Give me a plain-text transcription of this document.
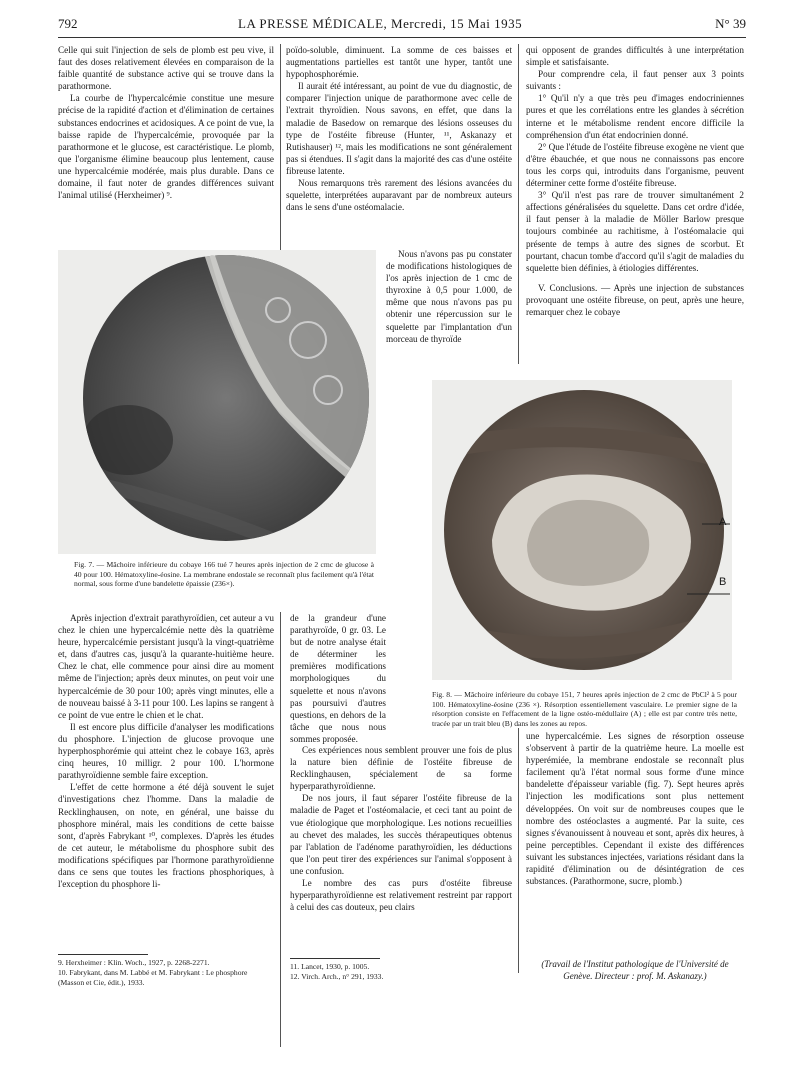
792	LA PRESSE MÉDICALE, Mercredi, 15 Mai 1935	N° 39

Celle qui suit l'injection de sels de plomb est peu vive, il faut des doses relativement élevées en comparaison de la faible quantité de substance active qui se trouve dans la parathormone.

La courbe de l'hypercalcémie constitue une mesure précise de la rapidité d'action et d'élimination de certaines substances endocrines et acidosiques. A ce point de vue, la baisse rapide de l'hypercalcémie, provoquée par la parathormone et le glucose, est caractéristique. Le plomb, que l'organisme élimine beaucoup plus lentement, cause une hypercalcémie modérée, mais plus durable. Dans ce domaine, il faut noter de grandes différences suivant l'animal utilisé (Herxheimer) ⁹.

poïdo-soluble, diminuent. La somme de ces baisses et augmentations partielles est tantôt une hyper, tantôt une hypophosphorémie.

Il aurait été intéressant, au point de vue du diagnostic, de comparer l'injection unique de parathormone avec celle de l'extrait thyroïdien. Nous savons, en effet, que dans la maladie de Basedow on remarque des lésions osseuses du type de l'ostéite fibreuse (Hunter, ¹¹, Askanazy et Rutishauser) ¹², mais les modifications ne sont généralement pas si étendues. Il s'agit dans la majorité des cas d'une ostéite fibreuse latente.

Nous remarquons très rarement des lésions avancées du squelette, interprétées auparavant par de nombreux auteurs dans le sens d'une ostéomalacie.

Nous n'avons pas pu constater de modifications histologiques de l'os après injection de 1 cmc de thyroxine à 0,5 pour 1.000, de même que nous n'avons pas pu obtenir une répercussion sur le squelette par l'implantation d'un morceau de thyroïde

qui opposent de grandes difficultés à une interprétation simple et satisfaisante.

Pour comprendre cela, il faut penser aux 3 points suivants :

1° Qu'il n'y a que très peu d'images endocriniennes pures et que les corrélations entre les glandes à sécrétion interne et le métabolisme rendent encore difficile la compréhension d'un état endocrinien donné.

2° Que l'étude de l'ostéite fibreuse exogène ne vient que d'être ébauchée, et que nous ne connaissons pas encore tous les corps qui, introduits dans l'organisme, peuvent déterminer cette forme d'ostéite fibreuse.

3° Qu'il n'est pas rare de trouver simultanément 2 affections généralisées du squelette. Dans cet ordre d'idée, il faut penser à la maladie de Möller Barlow presque toujours combinée au rachitisme, à l'ostéomalacie qui présente de temps à autre des signes de scorbut. Et pourtant, chacun tombe d'accord qu'il s'agit de maladies du squelette bien définies, à étiologies différentes.

V. Conclusions. — Après une injection de substances provoquant une ostéite fibreuse, on peut, après une heure, remarquer chez le cobaye

Fig. 7. — Mâchoire inférieure du cobaye 166 tué 7 heures après injection de 2 cmc de glucose à 40 pour 100. Hématoxyline-éosine. La membrane endostale se reconnaît plus facilement qu'à l'état normal, sous forme d'une bandelette épaissie (236×).
A
B
Fig. 8. — Mâchoire inférieure du cobaye 151, 7 heures après injection de 2 cmc de PbCl² à 5 pour 100. Hématoxyline-éosine (236 ×). Résorption essentiellement vasculaire. Le premier signe de la résorption consiste en l'effacement de la ligne ostéo-médullaire (A) ; elle est par contre très nette, tracée par un trait bleu (B) dans les zones au repos.

Après injection d'extrait parathyroïdien, cet auteur a vu chez le chien une hypercalcémie nette dès la quatrième heure, hypercalcémie persistant jusqu'à la vingt-quatrième et, dans d'autres cas, jusqu'à la quarante-huitième heure. Chez le chat, elle commence pour ainsi dire au moment même de l'injection; après deux minutes, on peut voir une hypercalcémie de 30 pour 100; après vingt minutes, elle a de nouveau baissé à 3-11 pour 100. Les lapins se rangent à ce point de vue entre le chien et le chat.

Il est encore plus difficile d'analyser les modifications du phosphore. L'injection de glucose provoque une hyperphosphorémie qui atteint chez le cobaye 163, après cinq heures, 10 milligr. 2 pour 100. L'hormone parathyroïdienne semble faire exception.

L'effet de cette hormone a été déjà souvent le sujet d'investigations chez l'homme. Dans la maladie de Recklinghausen, on note, en général, une baisse du phosphore minéral, mais les conditions de cette baisse sont, d'après Fabrykant ¹⁰, complexes. D'après les études de cet auteur, le métabolisme du phosphore subit des modifications spécifiques par l'hormone parathyroïdienne dans ce sens que toutes les fractions phosphoriques, à l'exception du phosphore li-

de la grandeur d'une parathyroïde, 0 gr. 03. Le but de notre analyse était de déterminer les premières modifications morphologiques du squelette et nous n'avons pas poursuivi d'autres questions, en dehors de la tâche que nous nous sommes proposée.

Ces expériences nous semblent prouver une fois de plus la nature bien définie de l'ostéite fibreuse de Recklinghausen, spécialement de sa forme hyperparathyroïdienne.

De nos jours, il faut séparer l'ostéite fibreuse de la maladie de Paget et l'ostéomalacie, et ceci tant au point de vue étiologique que morphologique. Les notions recueillies au chevet des malades, les succès thérapeutiques obtenus par l'ablation de l'adénome parathyroïdien, les déductions que l'on peut tirer des expériences sur l'animal s'opposent à une confusion.

Le nombre des cas purs d'ostéite fibreuse hyperparathyroïdienne est relativement restreint par rapport à celui des cas douteux, peu clairs

une hypercalcémie. Les signes de résorption osseuse s'observent à partir de la quatrième heure. La moelle est hyperémiée, la membrane endostale se reconnaît plus facilement qu'à l'état normal sous forme d'une mince bandelette d'épaisseur variable (fig. 7). Sept heures après l'injection les modifications sont plus nettement développées. On voit sur de nombreuses coupes que le nombre des ostéoclastes a augmenté. Par la suite, ces signes s'évanouissent à nouveau et sont, après dix heures, à peine perceptibles. Cependant il existe des différences suivant les substances injectées, variations résidant dans la rapidité d'élimination ou de désintégration de ces substances. (Parathormone, sucre, plomb.)

(Travail de l'Institut pathologique de l'Université de Genève. Directeur : prof. M. Askanazy.)
9. Herxheimer : Klin. Woch., 1927, p. 2268-2271.
10. Fabrykant, dans M. Labbé et M. Fabrykant : Le phosphore (Masson et Cie, édit.), 1933.
11. Lancet, 1930, p. 1005.
12. Virch. Arch., n° 291, 1933.
